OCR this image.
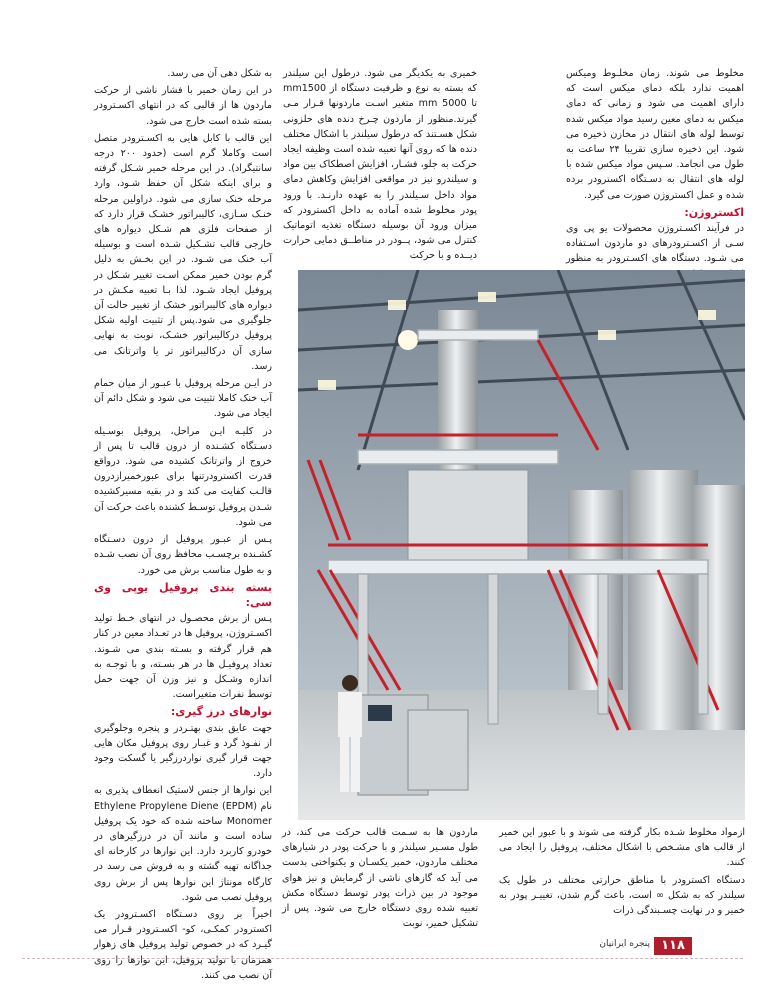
مخلوط می شوند. زمان مخلـوط ومیکس اهمیت ندارد بلکه دمای میکس است که دارای اهمیت می شود و زمانی که دمای میکس به دمای معین رسید مواد میکس شده توسط لوله های انتقال در مخازن ذخیره می شود. این ذخیره سازی تقریبا ۲۴ ساعت به طول می انجامد. سـپس مواد میکس شده با لوله های انتقال به دسـتگاه اکسترودر برده شده و عمل اکستروژن صورت می گیرد.

اکستروژن:

در فرآیند اکسـتروژن محصولات یو پی وی سـی از اکسـترودرهای دو ماردون اسـتفاده می شـود. دستگاه های اکسـترودر به منظور

خمیری به یکدیگر می شود. درطول این سیلندر که بسته به نوع و ظرفیت دستگاه از mm1500 تا mm 5000 متغیر اسـت ماردونها قـرار مـی گیرند.منظور از ماردون چـرخ دنده های حلزونی شکل هسـتند که درطول سیلندر با اشکال مختلف دنده ها که روی آنها تعبیه شده است وظیفه ایجاد حرکت به جلو، فشـار، افزایش اصطکاک بین مواد و سیلندرو نیز در مواقعی افزایش وکاهش دمای مواد داخل سـیلندر را به عهده دارنـد. با ورود پودر مخلوط شده آماده به داخل اکسترودر که میزان ورود آن بوسیله دستگاه تغذیه اتوماتیک کنترل می شود، پــودر در مناطــق دمایی حرارت دیــده و با حرکت

به شکل دهی آن می رسد.

در این زمان خمیر با فشار ناشی از حرکت ماردون ها از قالبی که در انتهای اکسـترودر بسته شده است خارج می شود.

این قالب با کابل هایی به اکسـترودر متصل است وکاملا گرم است (حدود ۲۰۰ درجه سانتیگراد). در این مرحله خمیر شـکل گرفته و برای اینکه شکل آن حفظ شـود، وارد مرحله خنک سازی می شود. دراولین مرحله خنـک سـازی، کالیبراتور خشـک قرار دارد که از صفحات فلزی هم شـکل دیواره های خارجی قالب تشـکیل شـده است و بوسیله آب خنک می شـود. در این بخـش به دلیل گرم بودن خمیر ممکن اسـت تغییر شـکل در پروفیل ایجاد شـود. لذا بـا تعبیه مکـش در دیواره های کالیبراتور خشک از تغییر حالت آن جلوگیری می شود.پس از تثبیت اولیه شکل پروفیل درکالیبراتور خشـک، نوبت به نهایی سازی آن درکالیبراتور تر یا واترتانک می رسد.

در ایـن مرحله پروفیل با عبـور از میان حمام آب خنک کاملا تثبیت می شود و شکل دائم آن ایجاد می شود.

در کلیـه ایـن مراحل، پروفیل بوسـیله دسـتگاه کشـنده از درون قالب تا پس از خروج از واترتانک کشیده می شود. درواقع قدرت اکسترودرتنها برای عبورخمیرازدرون قالـب کفایت می کند و در بقیه مسیرکشیده شـدن پروفیل توسـط کشنده باعث حرکت آن می شود.

پـس از عبـور پروفیل از درون دسـتگاه کشـنده برچسـب محافظ روی آن نصب شـده و به طول مناسب برش می خورد.

بسته بندی پروفیل یوپی وی سی:

پـس از برش محصـول در انتهای خـط تولید اکسـتروژن، پروفیل ها در تعـداد معین در کنار هم قرار گرفته و بسـته بندی می شـوند. تعداد پروفیـل ها در هر بسـته، و با توجـه به اندازه وشـکل و نیز وزن آن جهت حمل توسط نفرات متغیراست.

نوارهای درز گیری:

جهت عایق بندی بهتـردر و پنجره وجلوگیری از نفـوذ گرد و غبـار روی پروفیل مکان هایی جهت قرار گیری نواردرزگیر یا گسکت وجود دارد.

این نوارها از جنس لاستیک انعطاف پذیری به نام (EPDM) Ethylene Propylene Diene Monomer ساخته شده که خود یک پروفیل ساده است و مانند آن در درزگیرهای در خودرو کاربرد دارد. این نوارها در کارخانه ای جداگانه تهیه گشته و به فروش می رسد در کارگاه مونتاژ این نوارها پس از برش روی پروفیل نصب می شود.

اخیراً بر روی دسـتگاه اکسـترودر یک اکسترودر کمکـی، کو- اکسـترودر قـرار می گیـرد که در خصوص تولید پروفیل های زهوار همزمان با تولید پروفیل، این نوارها را روی آن نصب می کنند.

ماردون ها به سـمت قالب حرکت می کند، در طول مسـیر سیلندر و با حرکت پودر در شیارهای مختلف ماردون، خمیر یکسـان و یکنواختی بدست می آید که گازهای ناشی از گرمایش و نیز هوای موجود در بین ذرات پودر توسط دستگاه مکش تعبیه شده روی دستگاه خارج می شود. پس از تشکیل خمیر، نوبت

ازمواد مخلوط شـده بکار گرفته می شوند و با عبور این خمیر از قالب های مشـخص با اشکال مختلف، پروفیل را ایجاد می کنند.

دستگاه اکسترودر با مناطق حرارتی مختلف در طول یک سیلندر که به شکل ∞ است، باعث گرم شدن، تغییـر پودر به خمیر و در نهایت چسـبندگی ذرات

پنجره ایرانیان ۱۱۸
